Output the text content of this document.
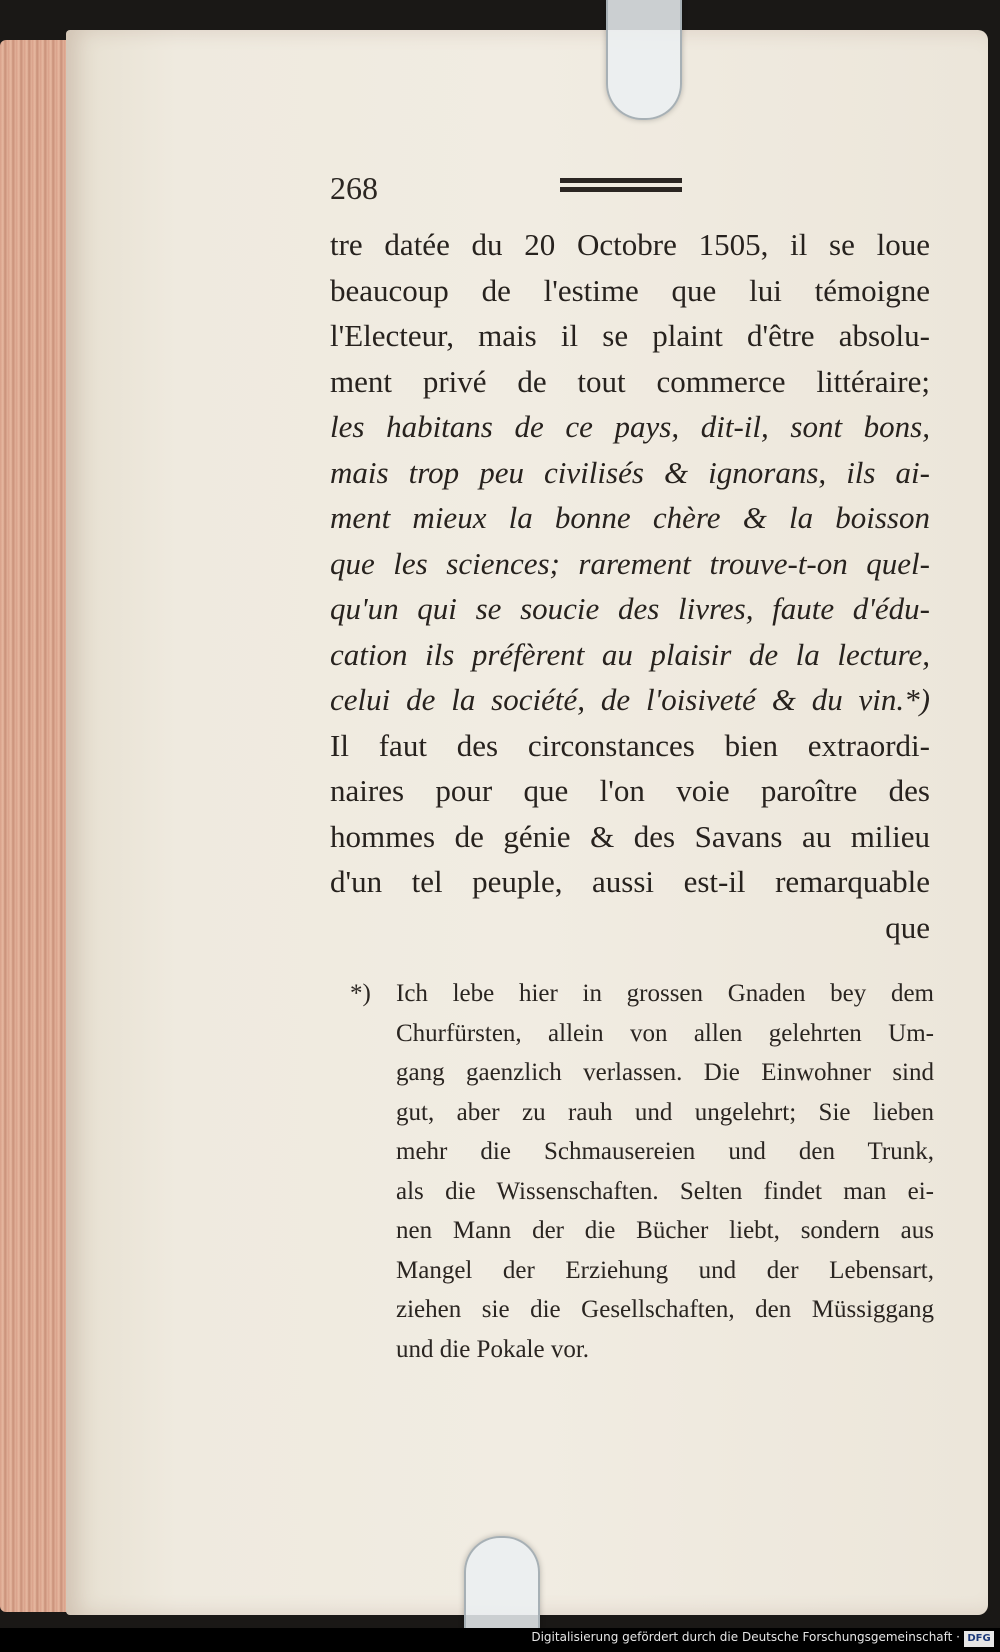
268
tre datée du 20 Octobre 1505, il se loue
beaucoup de l'estime que lui témoigne
l'Electeur, mais il se plaint d'être absolu-
ment privé de tout commerce littéraire;
les habitans de ce pays, dit-il, sont bons,
mais trop peu civilisés & ignorans, ils ai-
ment mieux la bonne chère & la boisson
que les sciences; rarement trouve-t-on quel-
qu'un qui se soucie des livres, faute d'édu-
cation ils préfèrent au plaisir de la lecture,
celui de la société, de l'oisiveté & du vin.*)
Il faut des circonstances bien extraordi-
naires pour que l'on voie paroître des
hommes de génie & des Savans au milieu
d'un tel peuple, aussi est-il remarquable
que
*)	Ich lebe hier in grossen Gnaden bey dem
Churfürsten, allein von allen gelehrten Um-
gang gaenzlich verlassen. Die Einwohner sind
gut, aber zu rauh und ungelehrt; Sie lieben
mehr die Schmausereien und den Trunk,
als die Wissenschaften. Selten findet man ei-
nen Mann der die Bücher liebt, sondern aus
Mangel der Erziehung und der Lebensart,
ziehen sie die Gesellschaften, den Müssiggang
und die Pokale vor.
Digitalisierung gefördert durch die Deutsche Forschungsgemeinschaft · DFG
